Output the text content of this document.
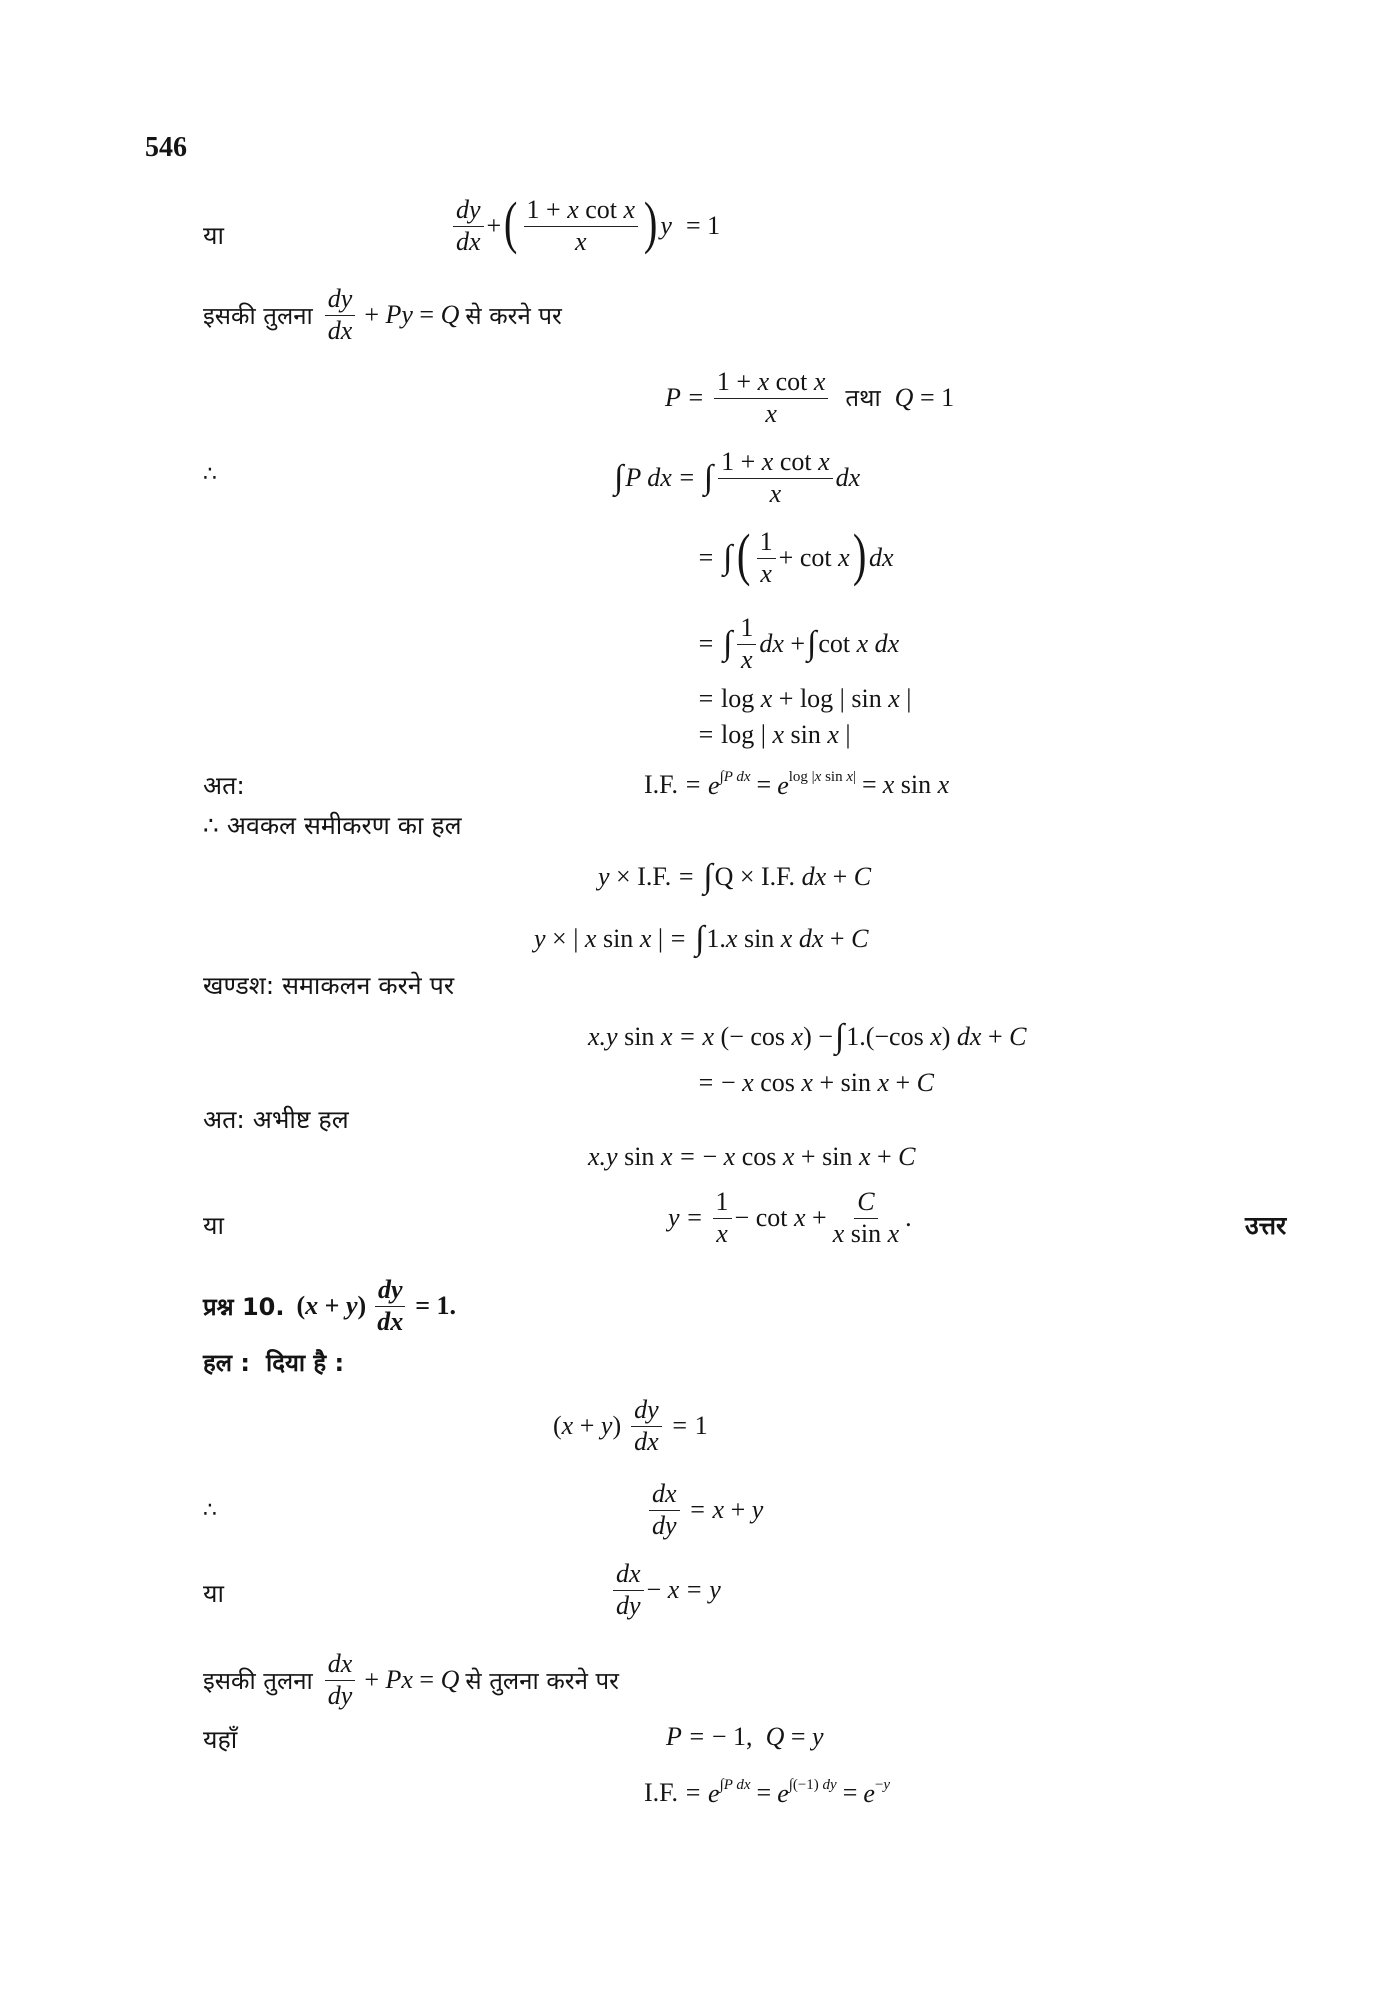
546
या	$\frac{dy}{dx}$ + ( $\frac{\text{1 + x cot x}}{x}$ ) y = 1
इसकी तुलना $\frac{dy}{dx} + Py = Q$ से करने पर
$P = \frac{\text{1 + x cot x}}{x}$ तथा Q = 1
∴	∫ P dx = ∫ $\frac{\text{1 + x cot x}}{x}$ dx
= ∫ ( $\frac{1}{x} + \cot x$ ) dx
= ∫ $\frac{1}{x}$ dx + ∫ cot x dx
= log x + log | sin x |
= log | x sin x |
अत:	I.F. = $e^{\int P dx} = e^{log |x sin x|} = x$ sin x
∴ अवकल समीकरण का हल
y × I.F. = ∫ Q × I.F. dx + C
y × | x sin x | = ∫ 1.x sin x dx + C
खण्डश: समाकलन करने पर
x.y sin x = x (− cos x) − ∫ 1.(−cos x) dx + C
= − x cos x + sin x + C
अत: अभीष्ट हल
x.y sin x = − x cos x + sin x + C
या	$y = \frac{1}{x} - \cot x + \frac{C}{\text{x sin x}}$ .	उत्तर
प्रश्न 10. $(x + y) \frac{dy}{dx} = 1$.
हल : दिया है :
$(x + y) \frac{dy}{dx} = 1$
∴	$\frac{dx}{dy} = x + y$
या	$\frac{dx}{dy} - x = y$
इसकी तुलना $\frac{dx}{dy} + Px = Q$ से तुलना करने पर
यहाँ	P = − 1,  Q = y
I.F. = $e^{\int P dx} = e^{\int(-1) dy} = e^{-y}$
